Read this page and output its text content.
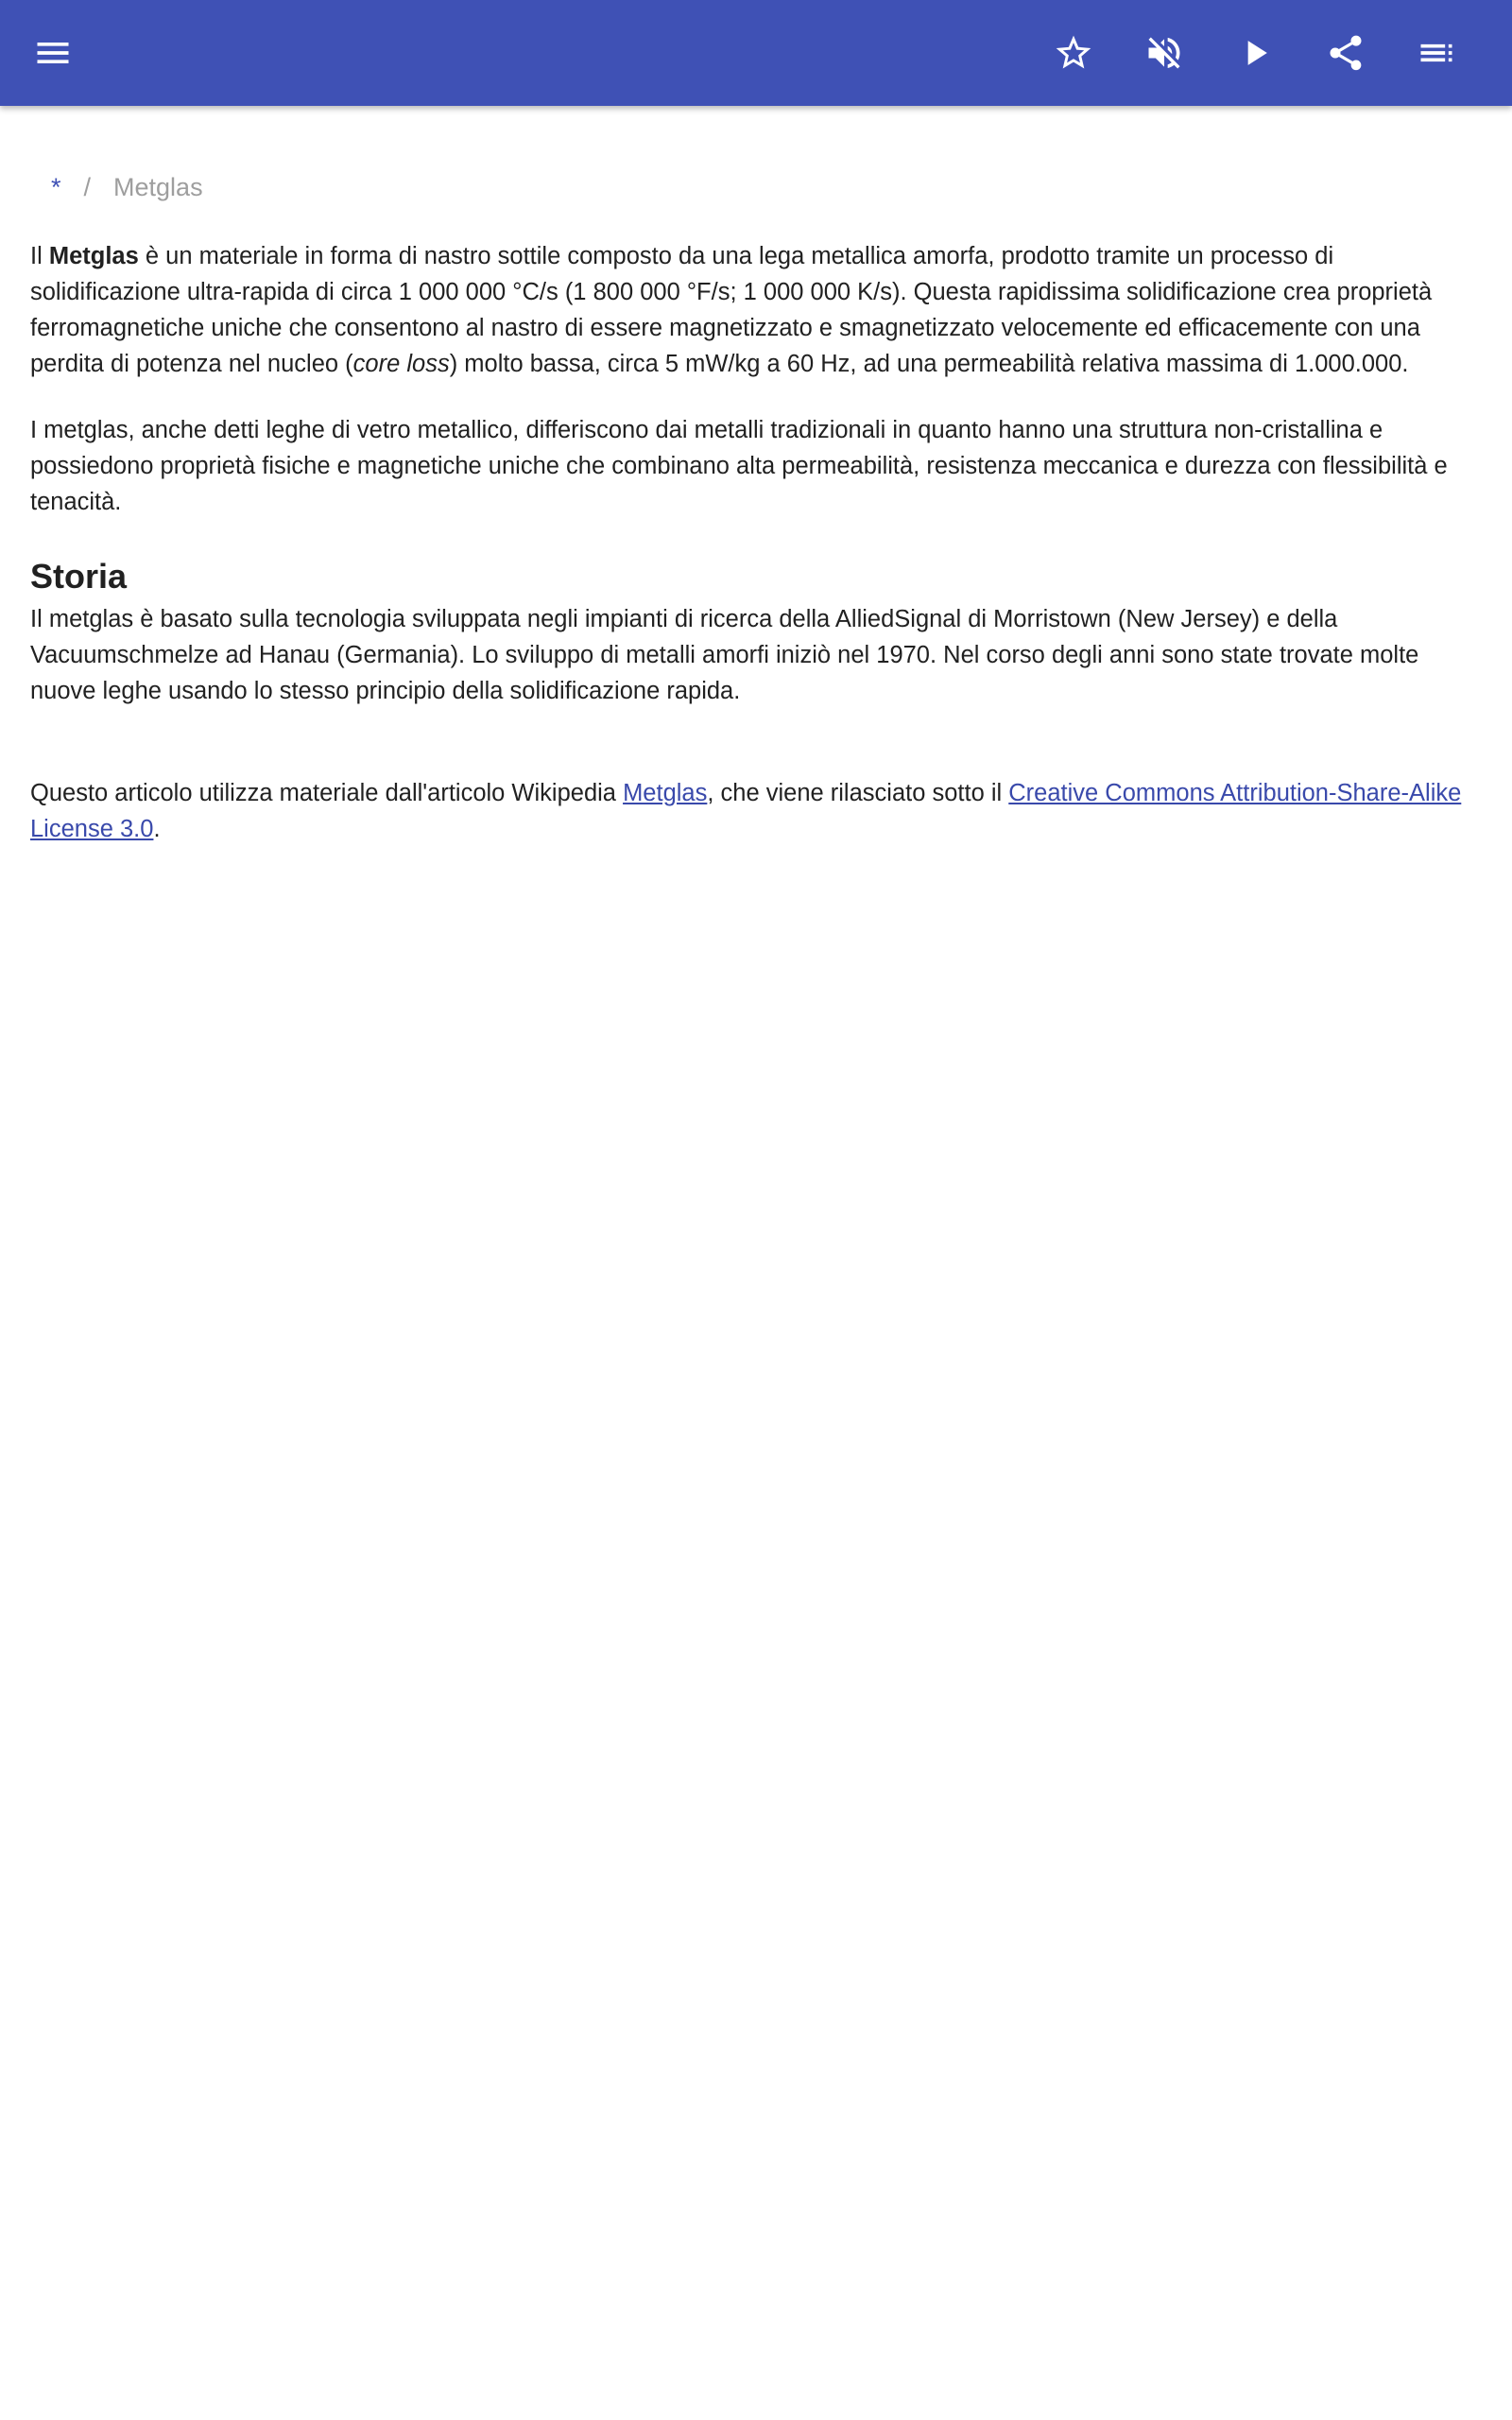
* / Metglas

Il Metglas è un materiale in forma di nastro sottile composto da una lega metallica amorfa, prodotto tramite un processo di solidificazione ultra-rapida di circa 1 000 000 °C/s (1 800 000 °F/s; 1 000 000 K/s). Questa rapidissima solidificazione crea proprietà ferromagnetiche uniche che consentono al nastro di essere magnetizzato e smagnetizzato velocemente ed efficacemente con una perdita di potenza nel nucleo (core loss) molto bassa, circa 5 mW/kg a 60 Hz, ad una permeabilità relativa massima di 1.000.000.

I metglas, anche detti leghe di vetro metallico, differiscono dai metalli tradizionali in quanto hanno una struttura non-cristallina e possiedono proprietà fisiche e magnetiche uniche che combinano alta permeabilità, resistenza meccanica e durezza con flessibilità e tenacità.

Storia

Il metglas è basato sulla tecnologia sviluppata negli impianti di ricerca della AlliedSignal di Morristown (New Jersey) e della Vacuumschmelze ad Hanau (Germania). Lo sviluppo di metalli amorfi iniziò nel 1970. Nel corso degli anni sono state trovate molte nuove leghe usando lo stesso principio della solidificazione rapida.

Questo articolo utilizza materiale dall'articolo Wikipedia Metglas, che viene rilasciato sotto il Creative Commons Attribution-Share-Alike License 3.0.
